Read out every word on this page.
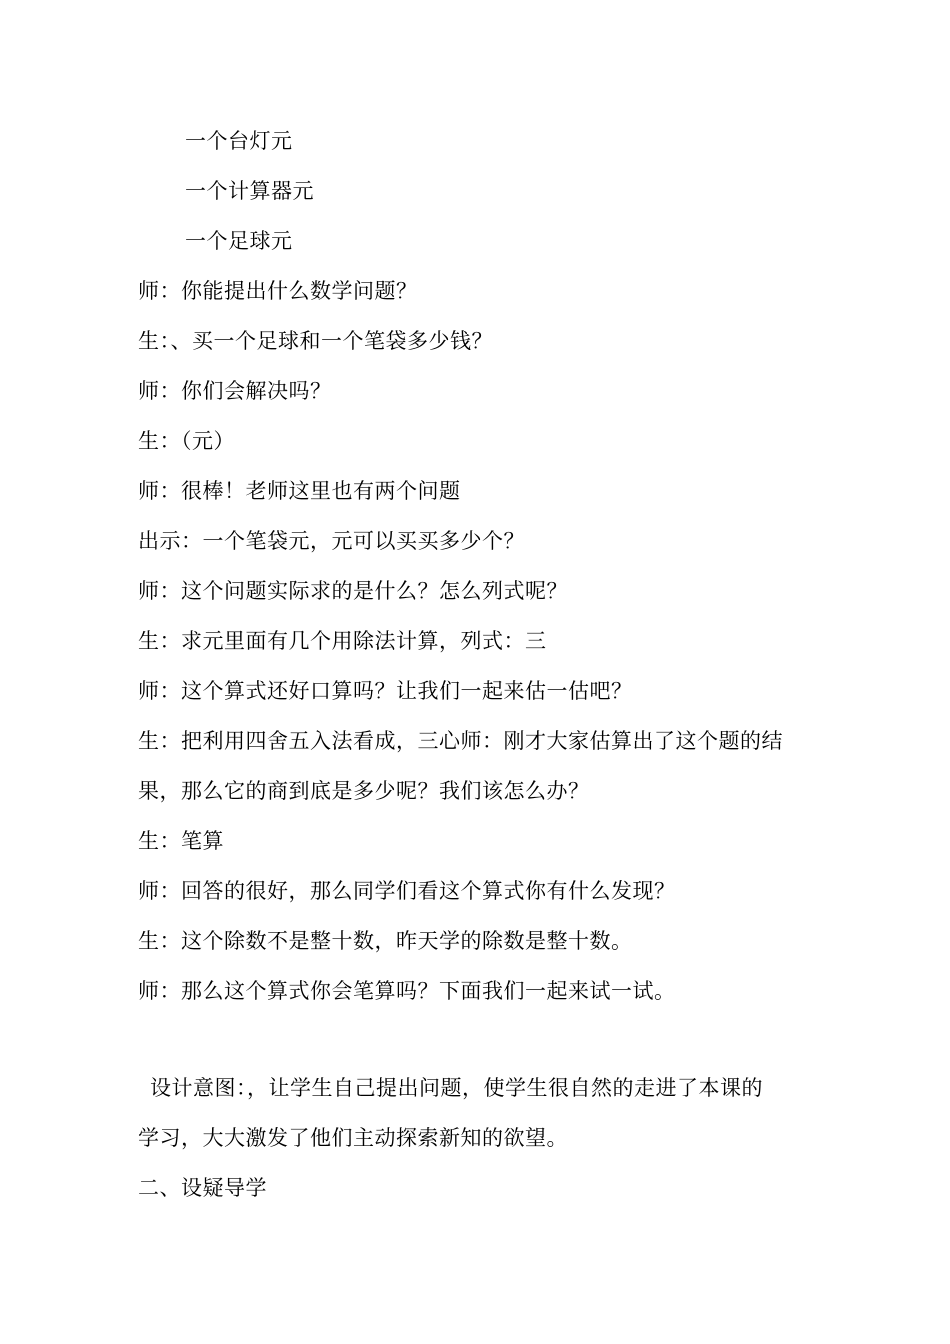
一个台灯元
一个计算器元
一个足球元
师：你能提出什么数学问题？
生：、买一个足球和一个笔袋多少钱？
师：你们会解决吗？
生：（元）
师：很棒！老师这里也有两个问题
出示：一个笔袋元，元可以买买多少个？
师：这个问题实际求的是什么？怎么列式呢？
生：求元里面有几个用除法计算，列式：三
师：这个算式还好口算吗？让我们一起来估一估吧？
生：把利用四舍五入法看成，三心师：刚才大家估算出了这个题的结
果，那么它的商到底是多少呢？我们该怎么办？
生：笔算
师：回答的很好，那么同学们看这个算式你有什么发现？
生：这个除数不是整十数，昨天学的除数是整十数。
师：那么这个算式你会笔算吗？下面我们一起来试一试。
设计意图：，让学生自己提出问题，使学生很自然的走进了本课的
学习，大大激发了他们主动探索新知的欲望。
二、设疑导学
